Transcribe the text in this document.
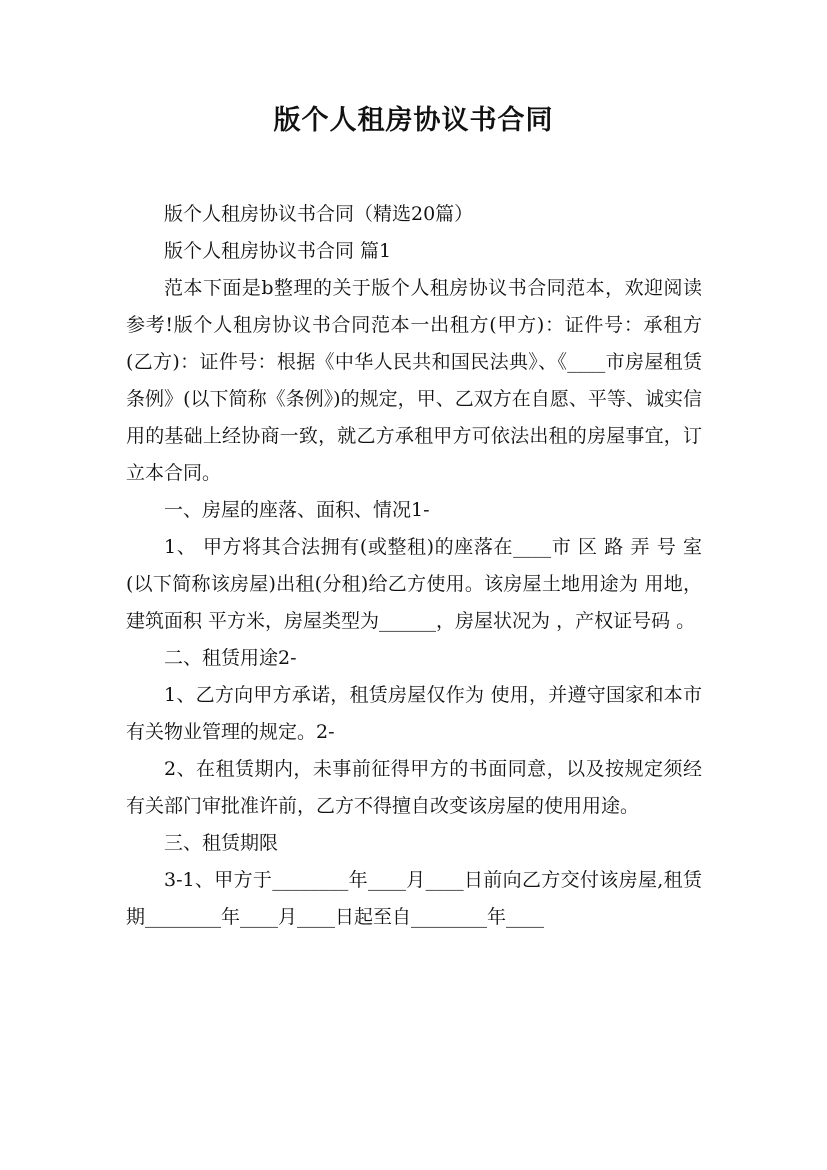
版个人租房协议书合同

版个人租房协议书合同（精选20篇）

版个人租房协议书合同 篇1

范本下面是b整理的关于版个人租房协议书合同范本，欢迎阅读参考!版个人租房协议书合同范本一出租方(甲方)：证件号：承租方(乙方)：证件号：根据《中华人民共和国民法典》、《____市房屋租赁条例》(以下简称《条例》)的规定，甲、乙双方在自愿、平等、诚实信用的基础上经协商一致，就乙方承租甲方可依法出租的房屋事宜，订立本合同。

一、房屋的座落、面积、情况1-

1、 甲方将其合法拥有(或整租)的座落在____市 区 路 弄 号 室 (以下简称该房屋)出租(分租)给乙方使用。该房屋土地用途为 用地， 建筑面积 平方米，房屋类型为______，房屋状况为 ，产权证号码 。

二、租赁用途2-

1、乙方向甲方承诺，租赁房屋仅作为 使用，并遵守国家和本市有关物业管理的规定。2-

2、在租赁期内，未事前征得甲方的书面同意，以及按规定须经有关部门审批准许前，乙方不得擅自改变该房屋的使用用途。

三、租赁期限

3-1、甲方于________年____月____日前向乙方交付该房屋,租赁期________年____月____日起至自________年____
